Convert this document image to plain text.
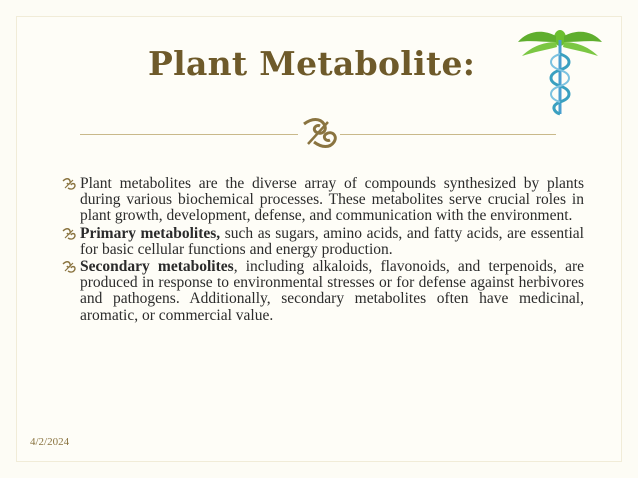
Plant Metabolite:
Plant metabolites are the diverse array of compounds synthesized by plants during various biochemical processes. These metabolites serve crucial roles in plant growth, development, defense, and communication with the environment.
Primary metabolites, such as sugars, amino acids, and fatty acids, are essential for basic cellular functions and energy production.
Secondary metabolites, including alkaloids, flavonoids, and terpenoids, are produced in response to environmental stresses or for defense against herbivores and pathogens. Additionally, secondary metabolites often have medicinal, aromatic, or commercial value.
4/2/2024
